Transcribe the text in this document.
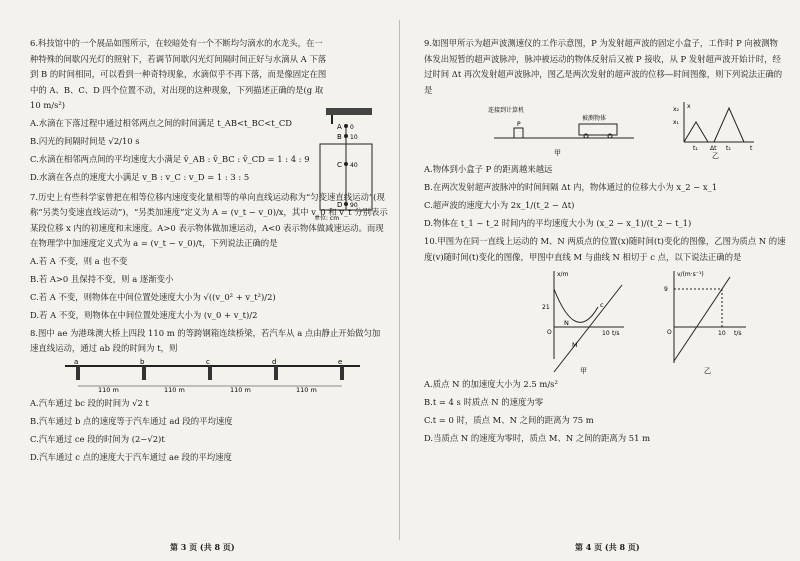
6.科技馆中的一个展品如图所示，在较暗处有一个不断均匀滴水的水龙头，在一种特殊的间歇闪光灯的照射下，若调节间歇闪光灯间隔时间正好与水滴从 A 下落到 B 的时间相同，可以看到一种奇特现象，水滴似乎不再下落，而是像固定在图中的 A、B、C、D 四个位置不动，对出现的这种现象，下列描述正确的是(g 取 10 m/s²)

A
B
C
D
0
10
40
90
单位: cm

A.水滴在下落过程中通过相邻两点之间的时间满足 t_AB<t_BC<t_CD

B.闪光的间隔时间是 √2/10 s

C.水滴在相邻两点间的平均速度大小满足 v̄_AB : v̄_BC : v̄_CD = 1 : 4 : 9

D.水滴在各点的速度大小满足 v_B : v_C : v_D = 1 : 3 : 5

7.历史上有些科学家曾把在相等位移内速度变化量相等的单向直线运动称为“匀变速直线运动”(现称“另类匀变速直线运动”)，“另类加速度”定义为 A = (v_t − v_0)/x，其中 v_0 和 v_t 分别表示某段位移 x 内的初速度和末速度。A>0 表示物体做加速运动，A<0 表示物体做减速运动。而现在物理学中加速度定义式为 a = (v_t − v_0)/t，下列说法正确的是

A.若 A 不变，则 a 也不变

B.若 A>0 且保持不变，则 a 逐渐变小

C.若 A 不变，则物体在中间位置处速度大小为 √((v_0² + v_t²)/2)

D.若 A 不变，则物体在中间位置处速度大小为 (v_0 + v_t)/2

8.图中 ae 为港珠澳大桥上四段 110 m 的等跨钢箱连续桥梁，若汽车从 a 点由静止开始做匀加速直线运动，通过 ab 段的时间为 t，则

a	b	c	d	e
110 m	110 m	110 m	110 m

A.汽车通过 bc 段的时间为 √2 t

B.汽车通过 b 点的速度等于汽车通过 ad 段的平均速度

C.汽车通过 ce 段的时间为 (2−√2)t

D.汽车通过 c 点的速度大于汽车通过 ae 段的平均速度

第 3 页 (共 8 页)

9.如图甲所示为超声波测速仪的工作示意图，P 为发射超声波的固定小盒子，工作时 P 向被测物体发出短暂的超声波脉冲，脉冲被运动的物体反射后又被 P 接收，从 P 发射超声波开始计时，经过时间 Δt 再次发射超声波脉冲，图乙是两次发射的超声波的位移—时间图像，则下列说法正确的是

P
连接到计算机
被测物体
甲
x
t
x₁
x₂
t₁	t₂
Δt
乙

A.物体到小盒子 P 的距离越来越远

B.在两次发射超声波脉冲的时间间隔 Δt 内，物体通过的位移大小为 x_2 − x_1

C.超声波的速度大小为 2x_1/(t_2 − Δt)

D.物体在 t_1 ~ t_2 时间内的平均速度大小为 (x_2 − x_1)/(t_2 − t_1)

10.甲图为在同一直线上运动的 M、N 两质点的位置(x)随时间(t)变化的图像，乙图为质点 N 的速度(v)随时间(t)变化的图像，甲图中直线 M 与曲线 N 相切于 c 点，以下说法正确的是

x/m
t/s
21
10
O
c
N
M
甲
v/(m·s⁻¹)
t/s
9
10
O
乙

A.质点 N 的加速度大小为 2.5 m/s²

B.t = 4 s 时质点 N 的速度为零

C.t = 0 时，质点 M、N 之间的距离为 75 m

D.当质点 N 的速度为零时，质点 M、N 之间的距离为 51 m

第 4 页 (共 8 页)
